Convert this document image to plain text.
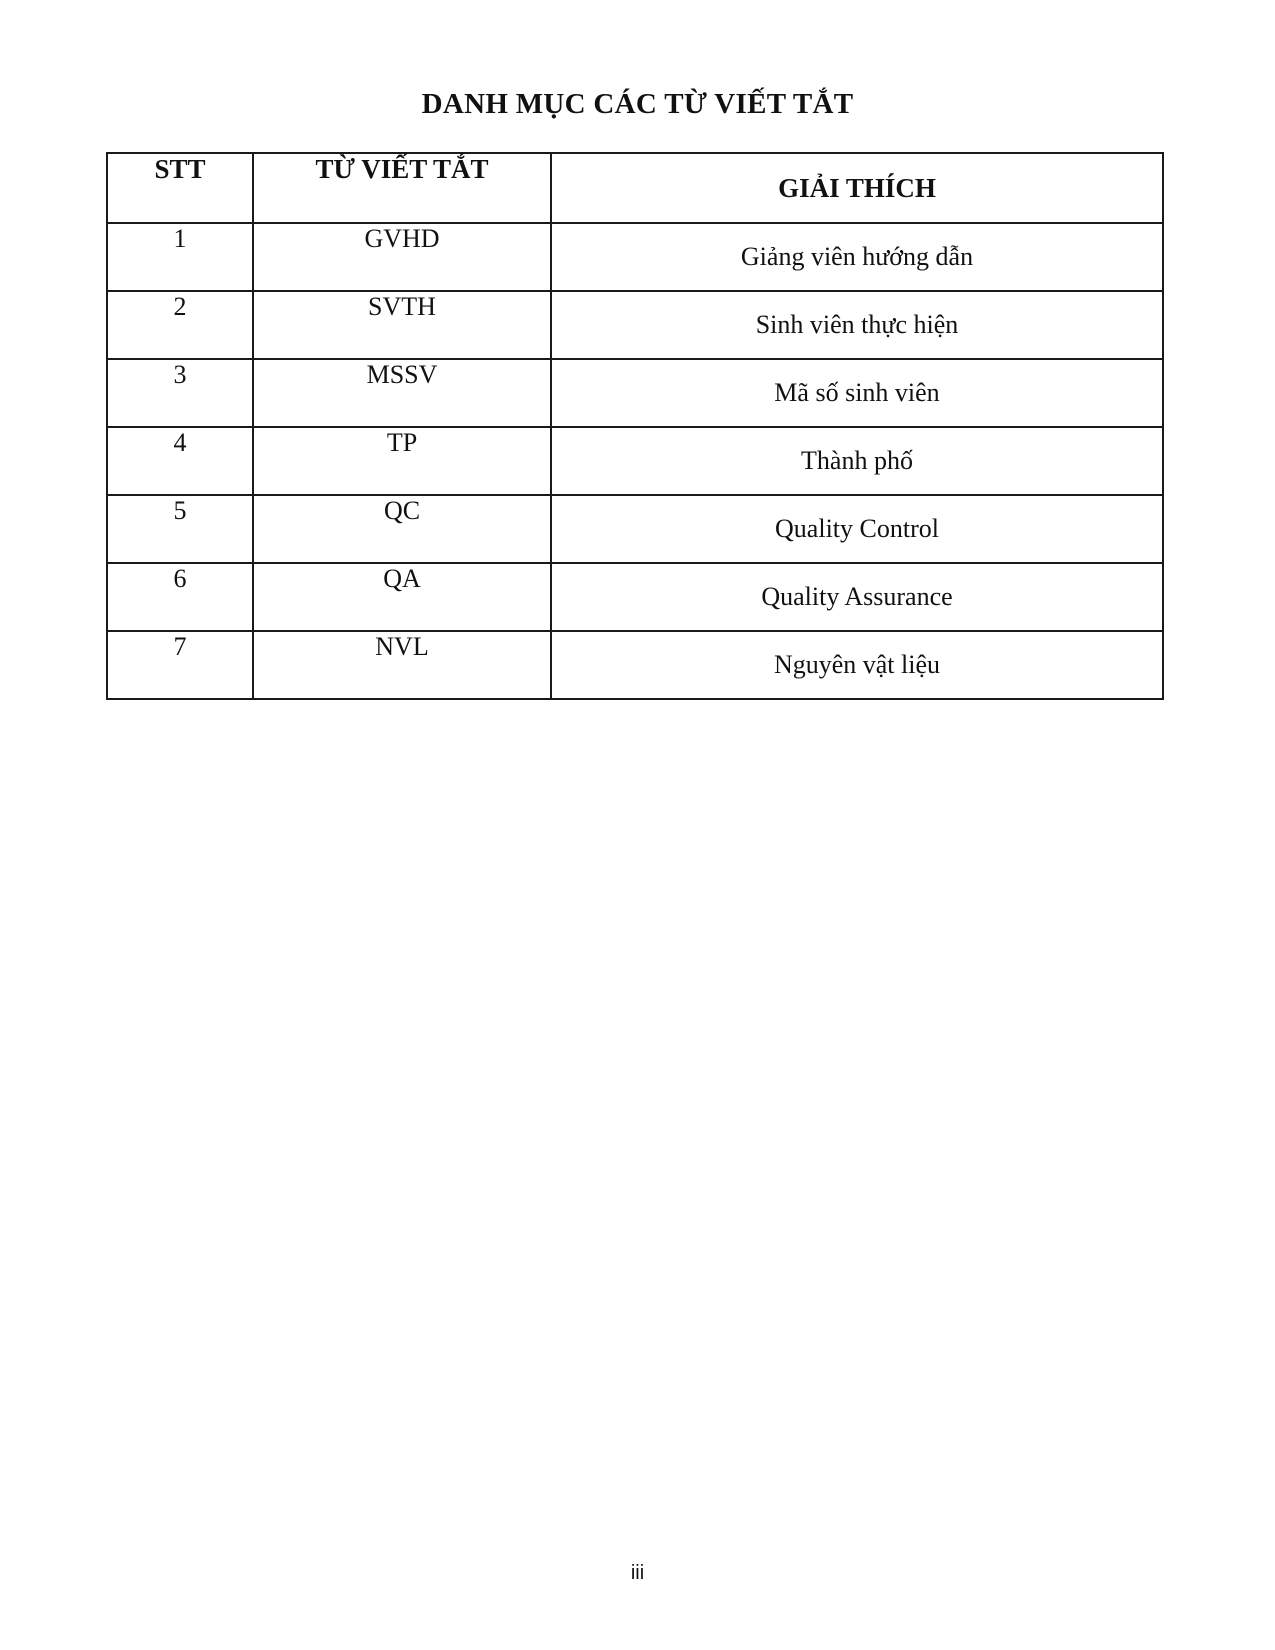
DANH MỤC CÁC TỪ VIẾT TẮT
STT	TỪ VIẾT TẮT	GIẢI THÍCH
1	GVHD	Giảng viên hướng dẫn
2	SVTH	Sinh viên thực hiện
3	MSSV	Mã số sinh viên
4	TP	Thành phố
5	QC	Quality Control
6	QA	Quality Assurance
7	NVL	Nguyên vật liệu
iii
